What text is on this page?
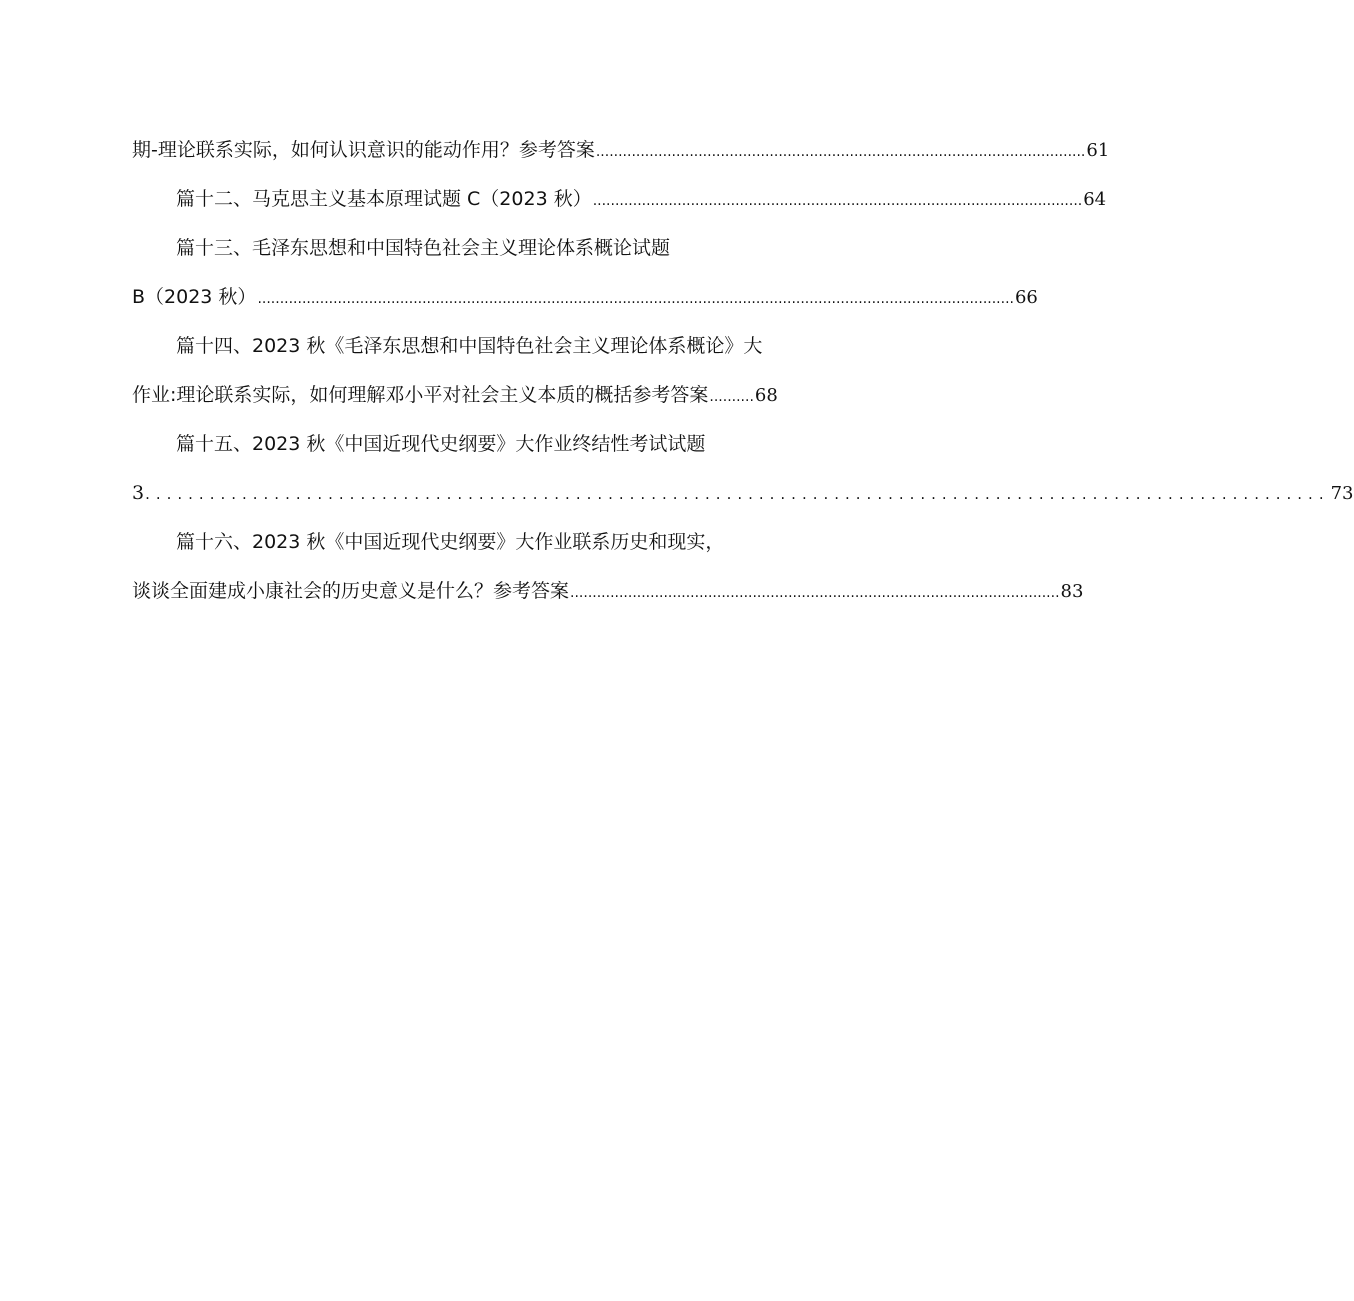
期-理论联系实际，如何认识意识的能动作用？参考答案 .............................................................................................................. 61
篇十二、马克思主义基本原理试题 C（2023 秋） .............................................................................................................. 64
篇十三、毛泽东思想和中国特色社会主义理论体系概论试题
B（2023 秋） .......................................................................................................................................................................... 66
篇十四、2023 秋《毛泽东思想和中国特色社会主义理论体系概论》大
作业:理论联系实际，如何理解邓小平对社会主义本质的概括参考答案 .......... 68
篇十五、2023 秋《中国近现代史纲要》大作业终结性考试试题
3 .............................................................................................................. 73
篇十六、2023 秋《中国近现代史纲要》大作业联系历史和现实，
谈谈全面建成小康社会的历史意义是什么？参考答案 .............................................................................................................. 83
